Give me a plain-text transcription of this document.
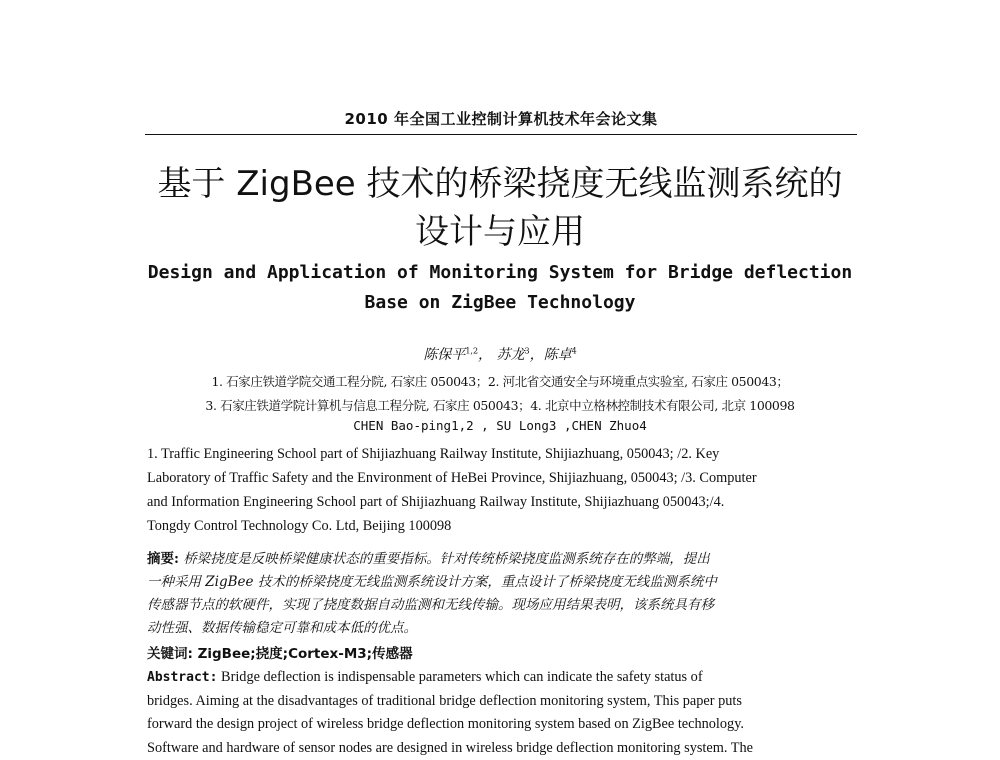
2010 年全国工业控制计算机技术年会论文集
基于 ZigBee 技术的桥梁挠度无线监测系统的
设计与应用
Design and Application of Monitoring System for Bridge deflection
Base on ZigBee Technology
陈保平$^{1,2}$， 苏龙$^3$，陈卓$^4$
1. 石家庄铁道学院交通工程分院, 石家庄 050043；2. 河北省交通安全与环境重点实验室, 石家庄 050043；
3. 石家庄铁道学院计算机与信息工程分院, 石家庄 050043；4. 北京中立格林控制技术有限公司, 北京 100098
CHEN Bao-ping1,2 , SU Long3 ,CHEN Zhuo4
1. Traffic Engineering School part of Shijiazhuang Railway Institute, Shijiazhuang, 050043; /2. Key
Laboratory of Traffic Safety and the Environment of HeBei Province, Shijiazhuang, 050043; /3. Computer
and Information Engineering School part of Shijiazhuang Railway Institute, Shijiazhuang 050043;/4.
Tongdy Control Technology Co. Ltd, Beijing 100098
摘要: 桥梁挠度是反映桥梁健康状态的重要指标。针对传统桥梁挠度监测系统存在的弊端，提出
一种采用 ZigBee 技术的桥梁挠度无线监测系统设计方案，重点设计了桥梁挠度无线监测系统中
传感器节点的软硬件，实现了挠度数据自动监测和无线传输。现场应用结果表明，该系统具有移
动性强、数据传输稳定可靠和成本低的优点。
关键词: ZigBee;挠度;Cortex-M3;传感器
Abstract: Bridge deflection is indispensable parameters which can indicate the safety status of
bridges. Aiming at the disadvantages of traditional bridge deflection monitoring system, This paper puts
forward the design project of wireless bridge deflection monitoring system based on ZigBee technology.
Software and hardware of sensor nodes are designed in wireless bridge deflection monitoring system. The
